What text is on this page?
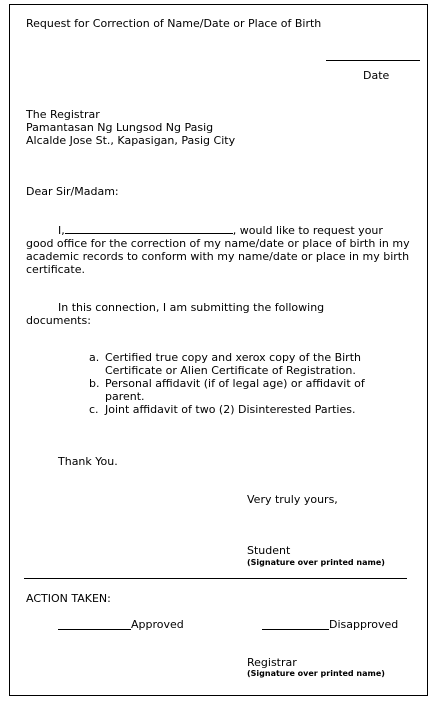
Request for Correction of Name/Date or Place of Birth
Date
The Registrar
Pamantasan Ng Lungsod Ng Pasig
Alcalde Jose St., Kapasigan, Pasig City
Dear Sir/Madam:
I,	, would like to request your good office for the correction of my name/date or place of birth in my academic records to conform with my name/date or place in my birth certificate.
In this connection, I am submitting the following documents:
a. Certified true copy and xerox copy of the Birth Certificate or Alien Certificate of Registration.
b. Personal affidavit (if of legal age) or affidavit of parent.
c. Joint affidavit of two (2) Disinterested Parties.
Thank You.
Very truly yours,
Student
(Signature over printed name)
ACTION TAKEN:
Approved	Disapproved
Registrar
(Signature over printed name)
